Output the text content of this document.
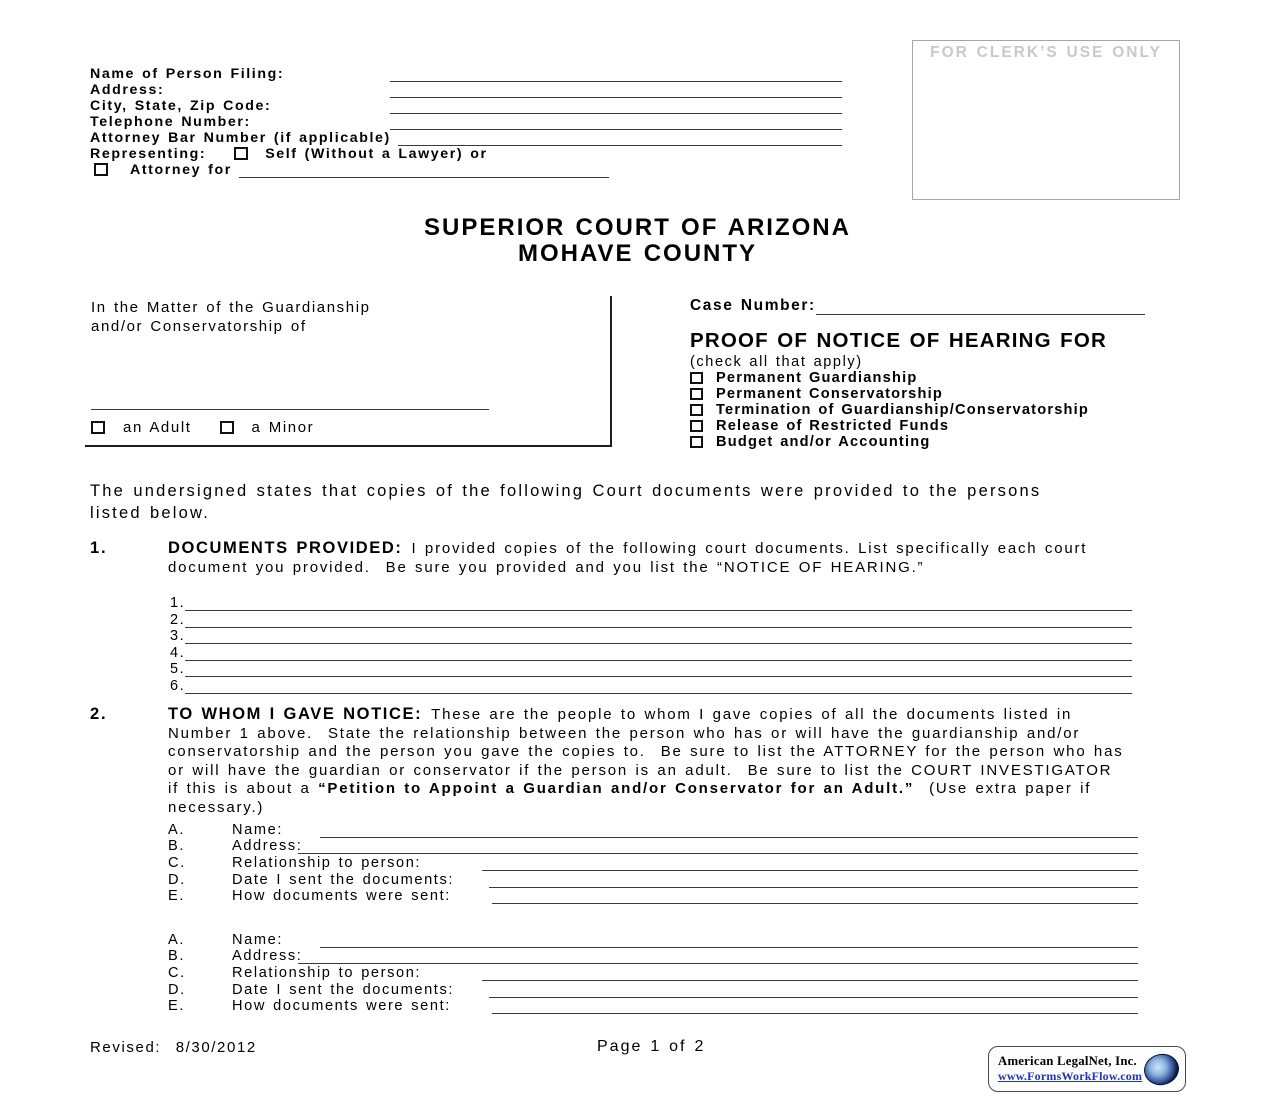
Name of Person Filing:
Address:
City, State, Zip Code:
Telephone Number:
Attorney Bar Number (if applicable)
Representing:	Self (Without a Lawyer) or
Attorney for
FOR CLERK’S USE ONLY
SUPERIOR COURT OF ARIZONA
MOHAVE COUNTY
In the Matter of the Guardianship
and/or Conservatorship of
an Adult	a Minor
Case Number:
PROOF OF NOTICE OF HEARING FOR
(check all that apply)
Permanent Guardianship
Permanent Conservatorship
Termination of Guardianship/Conservatorship
Release of Restricted Funds
Budget and/or Accounting
The undersigned states that copies of the following Court documents were provided to the persons listed below.
1.	DOCUMENTS PROVIDED: I provided copies of the following court documents. List specifically each court document you provided.  Be sure you provided and you list the “NOTICE OF HEARING.”
1.
2.
3.
4.
5.
6.
2.	TO WHOM I GAVE NOTICE: These are the people to whom I gave copies of all the documents listed in Number 1 above.  State the relationship between the person who has or will have the guardianship and/or conservatorship and the person you gave the copies to.  Be sure to list the ATTORNEY for the person who has or will have the guardian or conservator if the person is an adult.  Be sure to list the COURT INVESTIGATOR if this is about a “Petition to Appoint a Guardian and/or Conservator for an Adult.”  (Use extra paper if necessary.)
A.	Name:
B.	Address:
C.	Relationship to person:
D.	Date I sent the documents:
E.	How documents were sent:
A.	Name:
B.	Address:
C.	Relationship to person:
D.	Date I sent the documents:
E.	How documents were sent:
Revised:  8/30/2012	Page 1 of 2
American LegalNet, Inc.
www.FormsWorkFlow.com
